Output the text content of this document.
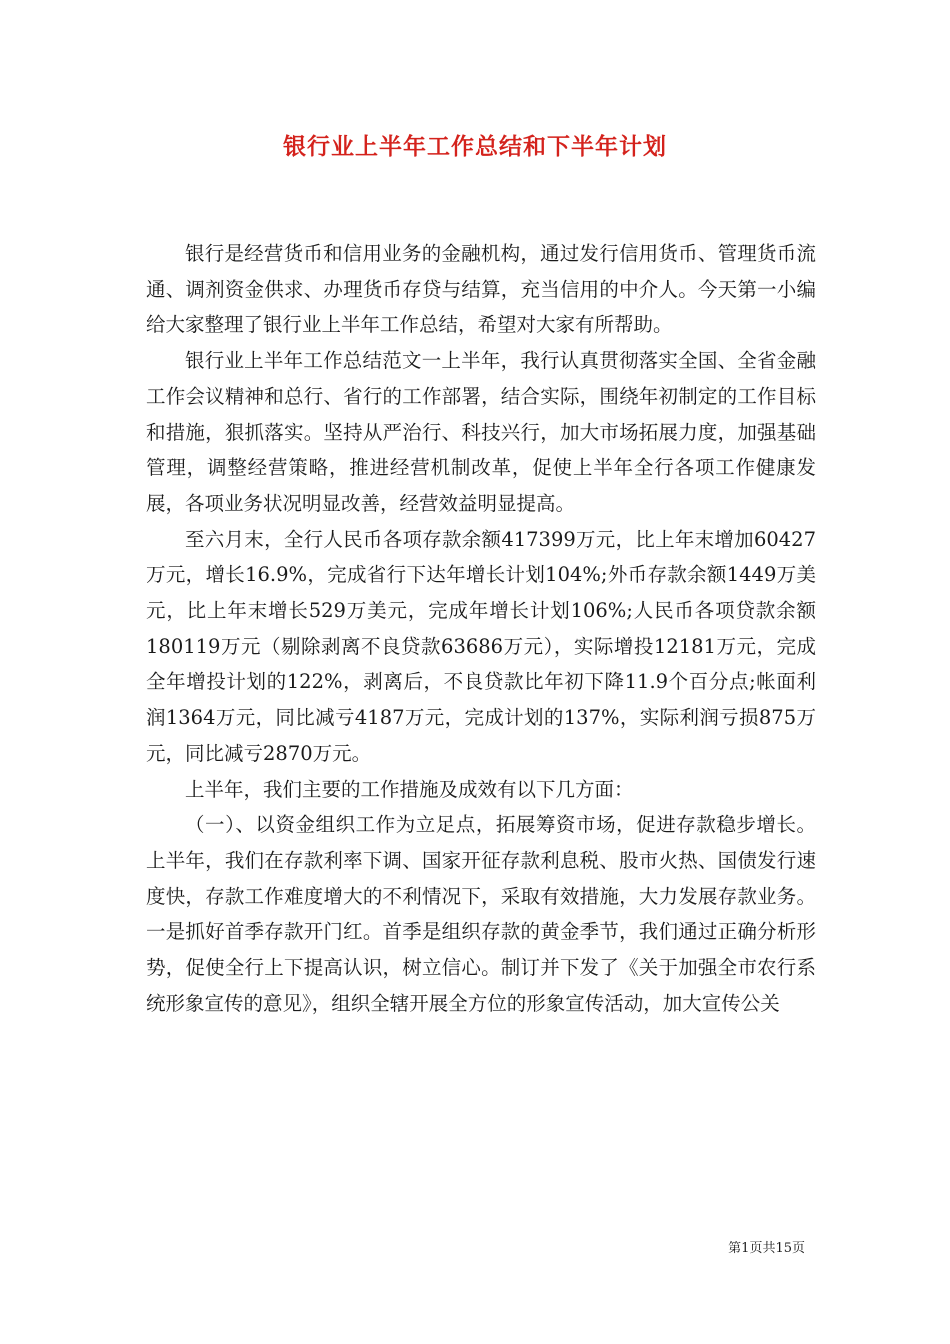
银行业上半年工作总结和下半年计划

银行是经营货币和信用业务的金融机构，通过发行信用货币、管理货币流通、调剂资金供求、办理货币存贷与结算，充当信用的中介人。今天第一小编给大家整理了银行业上半年工作总结，希望对大家有所帮助。

银行业上半年工作总结范文一上半年，我行认真贯彻落实全国、全省金融工作会议精神和总行、省行的工作部署，结合实际，围绕年初制定的工作目标和措施，狠抓落实。坚持从严治行、科技兴行，加大市场拓展力度，加强基础管理，调整经营策略，推进经营机制改革，促使上半年全行各项工作健康发展，各项业务状况明显改善，经营效益明显提高。

至六月末，全行人民币各项存款余额417399万元，比上年末增加60427万元，增长16.9%，完成省行下达年增长计划104%;外币存款余额1449万美元，比上年末增长529万美元，完成年增长计划106%;人民币各项贷款余额180119万元（剔除剥离不良贷款63686万元），实际增投12181万元，完成全年增投计划的122%，剥离后，不良贷款比年初下降11.9个百分点;帐面利润1364万元，同比减亏4187万元，完成计划的137%，实际利润亏损875万元，同比减亏2870万元。

上半年，我们主要的工作措施及成效有以下几方面：

（一）、以资金组织工作为立足点，拓展筹资市场，促进存款稳步增长。上半年，我们在存款利率下调、国家开征存款利息税、股市火热、国债发行速度快，存款工作难度增大的不利情况下，采取有效措施，大力发展存款业务。一是抓好首季存款开门红。首季是组织存款的黄金季节，我们通过正确分析形势，促使全行上下提高认识，树立信心。制订并下发了《关于加强全市农行系统形象宣传的意见》，组织全辖开展全方位的形象宣传活动，加大宣传公关

第1页共15页
